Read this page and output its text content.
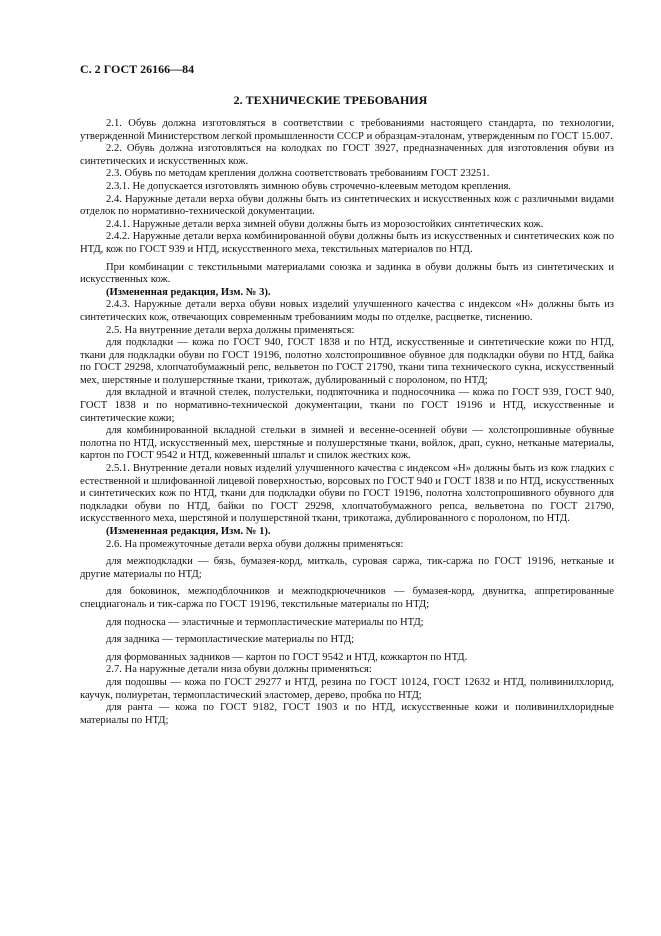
С. 2 ГОСТ 26166—84
2. ТЕХНИЧЕСКИЕ ТРЕБОВАНИЯ

2.1. Обувь должна изготовляться в соответствии с требованиями настоящего стандарта, по технологии, утвержденной Министерством легкой промышленности СССР и образцам-эталонам, утвержденным по ГОСТ 15.007.

2.2. Обувь должна изготовляться на колодках по ГОСТ 3927, предназначенных для изготовления обуви из синтетических и искусственных кож.

2.3. Обувь по методам крепления должна соответствовать требованиям ГОСТ 23251.

2.3.1. Не допускается изготовлять зимнюю обувь строчечно-клеевым методом крепления.

2.4. Наружные детали верха обуви должны быть из синтетических и искусственных кож с различными видами отделок по нормативно-технической документации.

2.4.1. Наружные детали верха зимней обуви должны быть из морозостойких синтетических кож.

2.4.2. Наружные детали верха комбинированной обуви должны быть из искусственных и синтетических кож по НТД, кож по ГОСТ 939 и НТД, искусственного меха, текстильных материалов по НТД.

При комбинации с текстильными материалами союзка и задинка в обуви должны быть из синтетических и искусственных кож.

(Измененная редакция, Изм. № 3).

2.4.3. Наружные детали верха обуви новых изделий улучшенного качества с индексом «Н» должны быть из синтетических кож, отвечающих современным требованиям моды по отделке, расцветке, тиснению.

2.5. На внутренние детали верха должны применяться:

для подкладки — кожа по ГОСТ 940, ГОСТ 1838 и по НТД, искусственные и синтетические кожи по НТД, ткани для подкладки обуви по ГОСТ 19196, полотно холстопрошивное обувное для подкладки обуви по НТД, байка по ГОСТ 29298, хлопчатобумажный репс, вельветон по ГОСТ 21790, ткани типа технического сукна, искусственный мех, шерстяные и полушерстяные ткани, трикотаж, дублированный с поролоном, по НТД;

для вкладной и втачной стелек, полустельки, подпяточника и подносочника — кожа по ГОСТ 939, ГОСТ 940, ГОСТ 1838 и по нормативно-технической документации, ткани по ГОСТ 19196 и НТД, искусственные и синтетические кожи;

для комбинированной вкладной стельки в зимней и весенне-осенней обуви — холстопрошивные обувные полотна по НТД, искусственный мех, шерстяные и полушерстяные ткани, войлок, драп, сукно, нетканые материалы, картон по ГОСТ 9542 и НТД, кожевенный шпальт и спилок жестких кож.

2.5.1. Внутренние детали новых изделий улучшенного качества с индексом «Н» должны быть из кож гладких с естественной и шлифованной лицевой поверхностью, ворсовых по ГОСТ 940 и ГОСТ 1838 и по НТД, искусственных и синтетических кож по НТД, ткани для подкладки обуви по ГОСТ 19196, полотна холстопрошивного обувного для подкладки обуви по НТД, байки по ГОСТ 29298, хлопчатобумажного репса, вельветона по ГОСТ 21790, искусственного меха, шерстяной и полушерстяной ткани, трикотажа, дублированного с поролоном, по НТД.

(Измененная редакция, Изм. № 1).

2.6. На промежуточные детали верха обуви должны применяться:

для межподкладки — бязь, бумазея-корд, миткаль, суровая саржа, тик-саржа по ГОСТ 19196, нетканые и другие материалы по НТД;

для боковинок, межподблочников и межподкрючечников — бумазея-корд, двунитка, аппретированные спецдиагональ и тик-саржа по ГОСТ 19196, текстильные материалы по НТД;

для подноска — эластичные и термопластические материалы по НТД;

для задника — термопластические материалы по НТД;

для формованных задников — картон по ГОСТ 9542 и НТД, кожкартон по НТД.

2.7. На наружные детали низа обуви должны применяться:

для подошвы — кожа по ГОСТ 29277 и НТД, резина по ГОСТ 10124, ГОСТ 12632 и НТД, поливинилхлорид, каучук, полиуретан, термопластический эластомер, дерево, пробка по НТД;

для ранта — кожа по ГОСТ 9182, ГОСТ 1903 и по НТД, искусственные кожи и поливинилхлоридные материалы по НТД;
